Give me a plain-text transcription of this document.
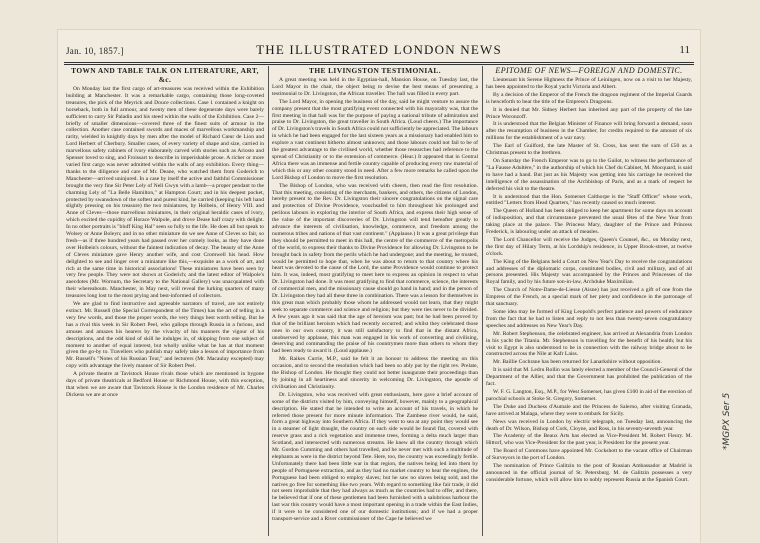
Jan. 10, 1857.]	THE ILLUSTRATED LONDON NEWS	11
TOWN AND TABLE TALK ON LITERATURE, ART, &c.

On Monday last the first cargo of art-treasures was received within the Exhibition building at Manchester. It was a remarkable cargo, containing those long-coveted treasures, the pick of the Meyrick and Douce collections. Case 1 contained a knight on horseback, both in full armour, and twenty men of these degenerate days were barely sufficient to carry Sir Paladin and his steed within the walls of the Exhibition. Case 2—briefly of smaller dimensions—covered three of the finest suits of armour in the collection. Another case contained swords and maces of marvellous workmanship and rarity, wielded in knightly days by men after the model of Richard Cœur de Lion and Lord Herbert of Cherbury. Smaller cases, of every variety of shape and size, carried in marvellous safety cabinets of ivory elaborately carved with stories such as Ariosto and Spenser loved to sing, and Froissart to describe in imperishable prose. A richer or more varied first cargo was never admitted within the walls of any exhibition. Every thing—thanks to the diligence and care of Mr. Deane, who watched them from Goderich to Manchester—arrived uninjured. In a case by itself the active and faithful Commissioner brought the very fine Sir Peter Lely of Nell Gwyn with a lamb—a proper pendant to the charming Lely of "La Belle Hamilton," at Hampton Court; and in his deepest pocket, protected by swansdown of the softest and purest kind, he carried (keeping his left hand slightly pressing on his treasure) the two miniatures, by Holbein, of Henry VIII. and Anne of Cleves—those marvellous miniatures, in their original heraldic cases of ivory, which excited the cupidity of Horace Walpole, and drove Dease half crazy with delight. In no other portraits is "bluff King Hal" seen so fully to the life. He does all but speak to Wolsey or Anne Boleyn; and in no other miniature do we see Anne of Cleves so fair, so fresh—as if three hundred years had passed over her comely looks, as they have done over Holbein's colours, without the faintest indication of decay. The beauty of the Anne of Cleves miniature gave Henry another wife, and cost Cromwell his head. How delighted to see and linger over a miniature like this,—exquisite as a work of art, and rich at the same time in historical associations! These miniatures have been seen by very few people. They were not shown at Goderich; and the latest editor of Walpole's anecdotes (Mr. Wornum, the Secretary to the National Gallery) was unacquainted with their whereabouts. Manchester, in May next, will reveal the lurking quarters of many treasures long lost to the most prying and best-informed of collectors.

We are glad to find instructive and agreeable narrators of travel, are not entirely extinct. Mr. Russell (the Special Correspondent of the Times) has the art of telling in a very few words, and those the proper words, the very things best worth telling. But he has a rival this week in Sir Robert Peel, who gallops through Russia in a furious, and amuses and amazes his hearers by the vivacity of his manners the vigour of his descriptions, and the odd kind of skill he indulges in, of skipping from one subject of moment to another of equal interest, but wholly unlike what he has at that moment given the go-by to. Travellers who publish may safely take a lesson of importance from Mr. Russell's "Notes of his Russian Tour," and lecturers (Mr. Macaulay excepted) may copy with advantage the lively manner of Sir Robert Peel.

A private theatre at Tavistock House rivals those which are mentioned in bygone days of private theatricals at Bedford House or Richmond House, with this exception, that when we are aware that Tavistock House is the London residence of Mr. Charles Dickens we are at once

THE LIVINGSTON TESTIMONIAL.

A great meeting was held in the Egyptian-hall, Mansion House, on Tuesday last, the Lord Mayor in the chair, the object being to devise the best means of presenting a testimonial to Dr. Livingston, the African traveller. The hall was filled in every part.

The Lord Mayor, in opening the business of the day, said he might venture to assure the company present that the most gratifying event connected with his mayoralty was, that the first meeting in that hall was for the purpose of paying a national tribute of admiration and praise to Dr. Livingston, the great traveller in South Africa. (Loud cheers.) The importance of Dr. Livingston's travels in South Africa could not sufficiently be appreciated. The labours in which he had been engaged for the last sixteen years as a missionary had enabled him to explore a vast continent hitherto almost unknown; and those labours could not fail to be of the greatest advantage to the civilised world, whether those researches had reference to the spread of Christianity or to the extension of commerce. (Hear.) It appeared that in Central Africa there was an immense and fertile country capable of producing every raw material of which this or any other country stood in need. After a few more remarks he called upon the Lord Bishop of London to move the first resolution.

The Bishop of London, who was received with cheers, then read the first resolution. That this meeting, consisting of the merchants, bankers, and others, the citizens of London, hereby present to the Rev. Dr. Livingston their sincere congratulations on the signal care and protection of Divine Providence, vouchsafed to him throughout his prolonged and perilous labours in exploring the interior of South Africa, and express their high sense of the value of the important discoveries of Dr. Livingston will tend hereafter greatly to advance the interests of civilisation, knowledge, commerce, and freedom among the numerous tribes and nations of that vast continent." (Applause.) It was a great privilege that they should be permitted to meet in this hall, the centre of the commerce of the metropolis of the world, to express their thanks to Divine Providence for allowing Dr. Livingston to be brought back in safety from the perils which he had undergone; and the meeting, he trusted, would be permitted to hope that, when he was about to return to that country where his heart was devoted to the cause of the Lord, the same Providence would continue to protect him. It was, indeed, most gratifying to meet here to express an opinion in respect to what Dr. Livingston had done. It was most gratifying to find that commerce, science, the interests of commercial men, and the missionary cause should go hand in hand; and in the person of Dr. Livingston they had all these three in combination. There was a lesson for themselves in this great man which probably those whom he addressed would not learn, that they might seek to separate commerce and science and religion; but they were ties never to be divided. A few years ago it was said that the age of heroism was past; but he had been proved by that of the brilliant heroism which had recently occurred; and whilst they celebrated those ones in our own country, it was still satisfactory to find that in the distant Africa, unobserved by applause, this man was engaged in his work of converting and civilising, deserving and commanding the praise of his countrymen more than others to whom they had been ready to award it. (Loud applause.)

Mr. Raikes Currie, M.P., said he felt it an honour to address the meeting on this occasion, and to second the resolution which had been so ably put by the right rev. Prelate, the Bishop of London. He thought they could not better inaugurate their proceedings than by joining in all heartiness and sincerity in welcoming Dr. Livingston, the apostle of civilisation and Christianity.

Dr. Livingston, who was received with great enthusiasm, here gave a brief account of some of the districts visited by him, conveying himself, however, mainly to a geographical description. He stated that he intended to write an account of his travels, in which he referred those present for more minute information. The Zambese river would, he said, form a great highway into Southern Africa. If they went to sea at any point they would see in a steamer of light draught, the country on each side would be found flat, covered with reserve grass and a rich vegetation and immense trees, forming a delta much larger than Scotland, and intersected with numerous streams. He knew all the country through which Mr. Gordon Cumming and others had travelled, and he never met with such a multitude of elephants as were in the district beyond Tete. Here, too, the country was exceedingly fertile. Unfortunately there had been little war in that region, the natives being led into them by people of Portuguese extraction, and as they had no market country to hear the engines, the Portuguese had been obliged to employ slaves; but he saw no slaves being sold, and the natives go free for something like two years. With regard to something like fair trade, it did not seem improbable that they had always as much as the countries had to offer, and there, he believed that if one of these gentlemen had been furnished with a salubrious harbour the last war this country would have a most important opening in a trade within the East Indies, if it were to be considered one of our domestic institutions; and if we had a proper transport-service and a River commissioner of the Cape he believed we

EPITOME OF NEWS—FOREIGN AND DOMESTIC.

Lieutenant his Serene Highness the Prince of Leiningen, now on a visit to her Majesty, has been appointed to the Royal yacht Victoria and Albert.

By a decision of the Emperor of the French the dragoon regiment of the Imperial Guards is henceforth to bear the title of the Empress's Dragoons.

It is denied that Mr. Sidney Herbert has inherited any part of the property of the late Prince Woronzoff.

It is understood that the Belgian Minister of Finance will bring forward a demand, soon after the resumption of business in the Chamber, for credits required to the amount of six millions for the establishment of a war navy.

The Earl of Guilford, the late Master of St. Cross, has sent the sum of £50 as a Christmas present to the brethren.

On Saturday the French Emperor was to go to the Guilot, to witness the performance of "La Fausse Adultère," in the authorship of which his Chef du Cabinet, M. Mocquard, is said to have had a hand. But just as his Majesty was getting into his carriage he received the intelligence of the assassination of the Archbishop of Paris, and as a mark of respect he deferred his visit to the theatre.

It is understood that the Hon. Somerset Calthorpe is the "Staff Officer" whose work, entitled "Letters from Head Quarters," has recently caused so much interest.

The Queen of Holland has been obliged to keep her apartment for some days on account of indisposition, and that circumstance prevented the usual fêtes of the New Year from taking place at the palace. The Princess Mary, daughter of the Prince and Princess Frederick, is labouring under an attack of measles.

The Lord Chancellor will receive the Judges, Queen's Counsel, &c., on Monday next, the first day of Hilary Term, at his Lordship's residence, in Upper Brook-street, at twelve o'clock.

The King of the Belgians held a Court on New Year's Day to receive the congratulations and addresses of the diplomatic corps, constituted bodies, civil and military, and of all persons presented. His Majesty was accompanied by the Princes and Princesses of the Royal family, and by his future son-in-law, Archduke Maximilian.

The Church of Notre-Dame-de-Liesse (Aisne) has just received a gift of one from the Empress of the French, as a special mark of her piety and confidence in the patronage of that sanctuary.

Some idea may be formed of King Leopold's perfect patience and powers of endurance from the fact that he had to listen and reply to not less than twenty-seven congratulatory speeches and addresses on New Year's Day.

Mr. Robert Stephenson, the celebrated engineer, has arrived at Alexandria from London in his yacht the Titania. Mr. Stephenson is travelling for the benefit of his health; but his visit to Egypt is also understood to be in connection with the railway bridge about to be constructed across the Nile at Kafr Laiss.

Mr. Baillie Cochrane has been returned for Lanarkshire without opposition.

It is said that M. Ledru Rollin was lately elected a member of the Council-General of the Department of the Allier, and that the Government has prohibited the publication of the fact.

W. F. G. Langton, Esq., M.P., for West Somerset, has given £100 in aid of the erection of parochial schools at Stoke St. Gregory, Somerset.

The Duke and Duchess d'Aumale and the Princess de Salerno, after visiting Granada, have arrived at Malaga, where they were to embark for Sicily.

News was received in London by electric telegraph, on Tuesday last, announcing the death of Dr. Wilson, Bishop of Cork, Cloyne, and Ross, in his seventy-seventh year.

The Academy of the Beaux Arts has elected as Vice-President M. Robert Fleury. M. Hittorf, who was Vice-President for the past year, is President for the present year.

The Board of Commons have appointed Mr. Cockshott to the vacant office of Chairman of Surveyors in the port of London.

The nomination of Prince Galitzin to the post of Russian Ambassador at Madrid is announced in the official journal of St. Petersburg. M. de Galitzin possesses a very considerable fortune, which will allow him to nobly represent Russia at the Spanish Court.

*MGPX Ser 5
